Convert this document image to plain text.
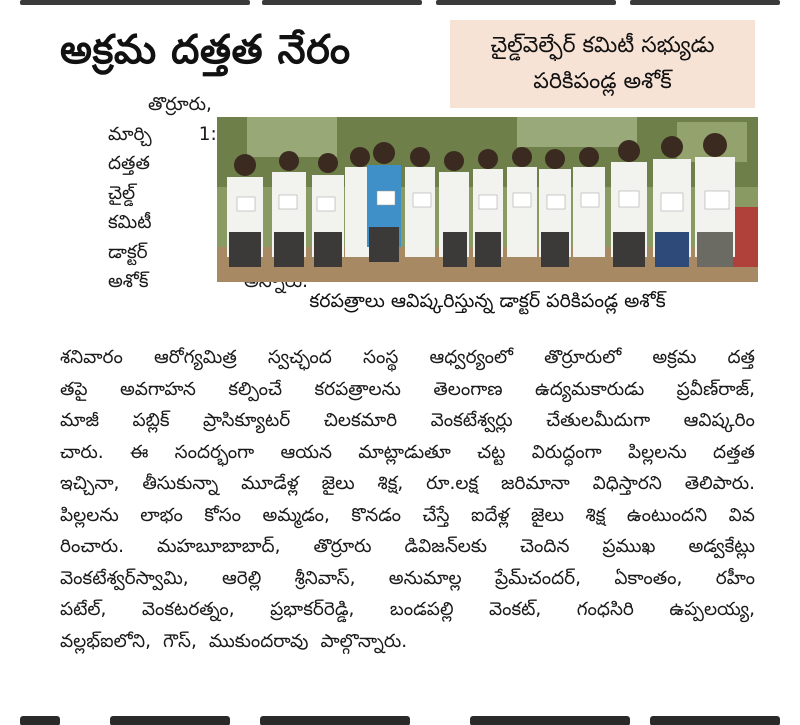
అక్రమ దత్తత నేరం	చైల్డ్‌వెల్ఫేర్ కమిటీ సభ్యుడు
పరికిపండ్ల అశోక్
తొర్రూరు,
మార్చి	1:
దత్తత
చైల్డ్
కమిటీ
డాక్టర్
అశోక్
కరపత్రాలు ఆవిష్కరిస్తున్న డాక్టర్ పరికిపండ్ల అశోక్
శనివారం ఆరోగ్యమిత్ర స్వచ్ఛంద సంస్థ ఆధ్వర్యంలో తొర్రూరులో అక్రమ దత్త
తపై అవగాహన కల్పించే కరపత్రాలను తెలంగాణ ఉద్యమకారుడు ప్రవీణ్‌రాజ్,
మాజీ పబ్లిక్ ప్రాసిక్యూటర్ చిలకమారి వెంకటేశ్వర్లు చేతులమీదుగా ఆవిష్కరిం
చారు. ఈ సందర్భంగా ఆయన మాట్లాడుతూ చట్ట విరుద్ధంగా పిల్లలను దత్తత
ఇచ్చినా, తీసుకున్నా మూడేళ్ల జైలు శిక్ష, రూ.లక్ష జరిమానా విధిస్తారని తెలిపారు.
పిల్లలను లాభం కోసం అమ్మడం, కొనడం చేస్తే ఐదేళ్ల జైలు శిక్ష ఉంటుందని వివ
రించారు. మహబూబాబాద్, తొర్రూరు డివిజన్‌లకు చెందిన ప్రముఖ అడ్వకేట్లు
వెంకటేశ్వర్‌స్వామి, ఆరెల్లి శ్రీనివాస్, అనుమాల్ల ప్రేమ్‌చందర్, ఏకాంతం, రహీం
పటేల్, వెంకటరత్నం, ప్రభాకర్‌రెడ్డి, బండపల్లి వెంకట్, గంధసిరి ఉప్పలయ్య,
వల్లభ్‌ఐలోని, గౌస్, ముకుందరావు పాల్గొన్నారు.
